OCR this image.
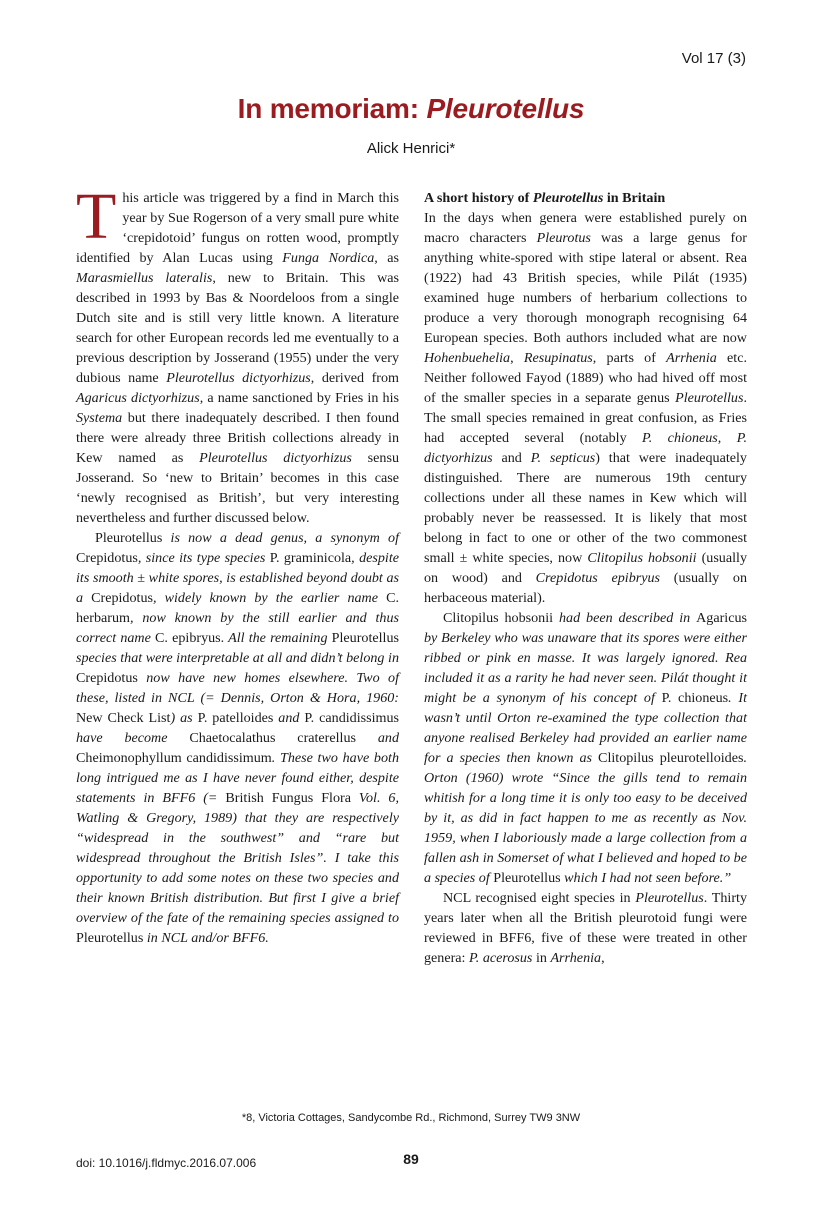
Vol 17 (3)
In memoriam: Pleurotellus
Alick Henrici*

This article was triggered by a find in March this year by Sue Rogerson of a very small pure white ‘crepidotoid’ fungus on rotten wood, promptly identified by Alan Lucas using Funga Nordica, as Marasmiellus lateralis, new to Britain. This was described in 1993 by Bas & Noordeloos from a single Dutch site and is still very little known. A literature search for other European records led me eventually to a previous description by Josserand (1955) under the very dubious name Pleurotellus dictyorhizus, derived from Agaricus dictyorhizus, a name sanctioned by Fries in his Systema but there inadequately described. I then found there were already three British collections already in Kew named as Pleurotellus dictyorhizus sensu Josserand. So ‘new to Britain’ becomes in this case ‘newly recognised as British’, but very interesting nevertheless and further discussed below.

Pleurotellus is now a dead genus, a synonym of Crepidotus, since its type species P. graminicola, despite its smooth ± white spores, is established beyond doubt as a Crepidotus, widely known by the earlier name C. herbarum, now known by the still earlier and thus correct name C. epibryus. All the remaining Pleurotellus species that were interpretable at all and didn’t belong in Crepidotus now have new homes elsewhere. Two of these, listed in NCL (= Dennis, Orton & Hora, 1960: New Check List) as P. patelloides and P. candidissimus have become Chaetocalathus craterellus and Cheimonophyllum candidissimum. These two have both long intrigued me as I have never found either, despite statements in BFF6 (= British Fungus Flora Vol. 6, Watling & Gregory, 1989) that they are respectively “widespread in the southwest” and “rare but widespread throughout the British Isles”. I take this opportunity to add some notes on these two species and their known British distribution. But first I give a brief overview of the fate of the remaining species assigned to Pleurotellus in NCL and/or BFF6.

A short history of Pleurotellus in Britain

In the days when genera were established purely on macro characters Pleurotus was a large genus for anything white-spored with stipe lateral or absent. Rea (1922) had 43 British species, while Pilát (1935) examined huge numbers of herbarium collections to produce a very thorough monograph recognising 64 European species. Both authors included what are now Hohenbuehelia, Resupinatus, parts of Arrhenia etc. Neither followed Fayod (1889) who had hived off most of the smaller species in a separate genus Pleurotellus. The small species remained in great confusion, as Fries had accepted several (notably P. chioneus, P. dictyorhizus and P. septicus) that were inadequately distinguished. There are numerous 19th century collections under all these names in Kew which will probably never be reassessed. It is likely that most belong in fact to one or other of the two commonest small ± white species, now Clitopilus hobsonii (usually on wood) and Crepidotus epibryus (usually on herbaceous material).

Clitopilus hobsonii had been described in Agaricus by Berkeley who was unaware that its spores were either ribbed or pink en masse. It was largely ignored. Rea included it as a rarity he had never seen. Pilát thought it might be a synonym of his concept of P. chioneus. It wasn’t until Orton re-examined the type collection that anyone realised Berkeley had provided an earlier name for a species then known as Clitopilus pleurotelloides. Orton (1960) wrote “Since the gills tend to remain whitish for a long time it is only too easy to be deceived by it, as did in fact happen to me as recently as Nov. 1959, when I laboriously made a large collection from a fallen ash in Somerset of what I believed and hoped to be a species of Pleurotellus which I had not seen before.”

NCL recognised eight species in Pleurotellus. Thirty years later when all the British pleurotoid fungi were reviewed in BFF6, five of these were treated in other genera: P. acerosus in Arrhenia,

*8, Victoria Cottages, Sandycombe Rd., Richmond, Surrey TW9 3NW
doi: 10.1016/j.fldmyc.2016.07.006	89
